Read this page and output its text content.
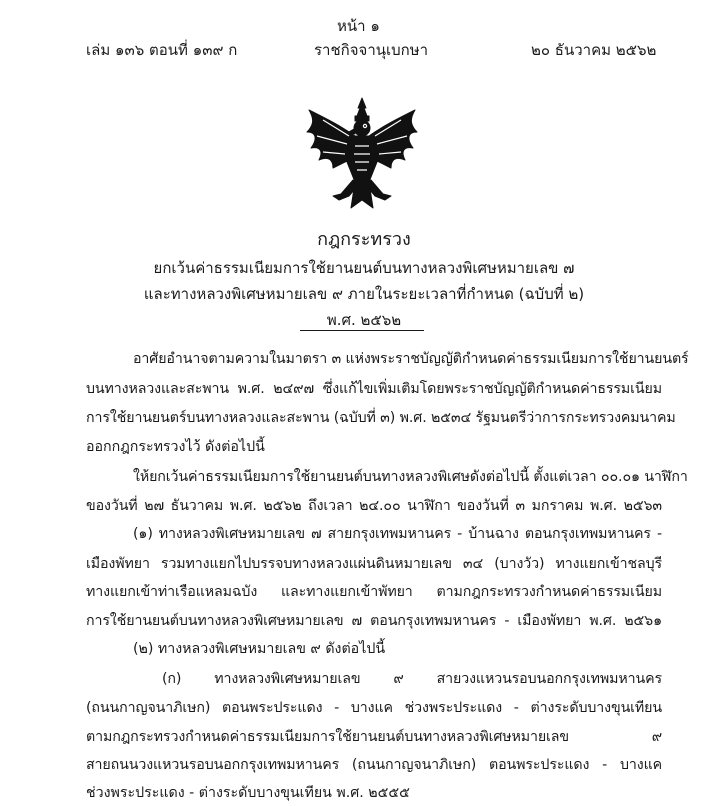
หน้า ๑
เล่ม ๑๓๖ ตอนที่ ๑๓๙ ก	ราชกิจจานุเบกษา	๒๐ ธันวาคม ๒๕๖๒
กฎกระทรวง
ยกเว้นค่าธรรมเนียมการใช้ยานยนต์บนทางหลวงพิเศษหมายเลข ๗
และทางหลวงพิเศษหมายเลข ๙ ภายในระยะเวลาที่กำหนด (ฉบับที่ ๒)
พ.ศ. ๒๕๖๒
อาศัยอำนาจตามความในมาตรา ๓ แห่งพระราชบัญญัติกำหนดค่าธรรมเนียมการใช้ยานยนตร์
บนทางหลวงและสะพาน พ.ศ. ๒๔๙๗ ซึ่งแก้ไขเพิ่มเติมโดยพระราชบัญญัติกำหนดค่าธรรมเนียม
การใช้ยานยนตร์บนทางหลวงและสะพาน (ฉบับที่ ๓) พ.ศ. ๒๕๓๔ รัฐมนตรีว่าการกระทรวงคมนาคม
ออกกฎกระทรวงไว้ ดังต่อไปนี้
ให้ยกเว้นค่าธรรมเนียมการใช้ยานยนต์บนทางหลวงพิเศษดังต่อไปนี้ ตั้งแต่เวลา ๐๐.๐๑ นาฬิกา
ของวันที่ ๒๗ ธันวาคม พ.ศ. ๒๕๖๒ ถึงเวลา ๒๔.๐๐ นาฬิกา ของวันที่ ๓ มกราคม พ.ศ. ๒๕๖๓
(๑) ทางหลวงพิเศษหมายเลข ๗ สายกรุงเทพมหานคร - บ้านฉาง ตอนกรุงเทพมหานคร -
เมืองพัทยา รวมทางแยกไปบรรจบทางหลวงแผ่นดินหมายเลข ๓๔ (บางวัว) ทางแยกเข้าชลบุรี
ทางแยกเข้าท่าเรือแหลมฉบัง และทางแยกเข้าพัทยา ตามกฎกระทรวงกำหนดค่าธรรมเนียม
การใช้ยานยนต์บนทางหลวงพิเศษหมายเลข ๗ ตอนกรุงเทพมหานคร - เมืองพัทยา พ.ศ. ๒๕๖๑
(๒) ทางหลวงพิเศษหมายเลข ๙ ดังต่อไปนี้
(ก) ทางหลวงพิเศษหมายเลข ๙ สายวงแหวนรอบนอกกรุงเทพมหานคร
(ถนนกาญจนาภิเษก) ตอนพระประแดง - บางแค ช่วงพระประแดง - ต่างระดับบางขุนเทียน
ตามกฎกระทรวงกำหนดค่าธรรมเนียมการใช้ยานยนต์บนทางหลวงพิเศษหมายเลข ๙
สายถนนวงแหวนรอบนอกกรุงเทพมหานคร (ถนนกาญจนาภิเษก) ตอนพระประแดง - บางแค
ช่วงพระประแดง - ต่างระดับบางขุนเทียน พ.ศ. ๒๕๕๕
